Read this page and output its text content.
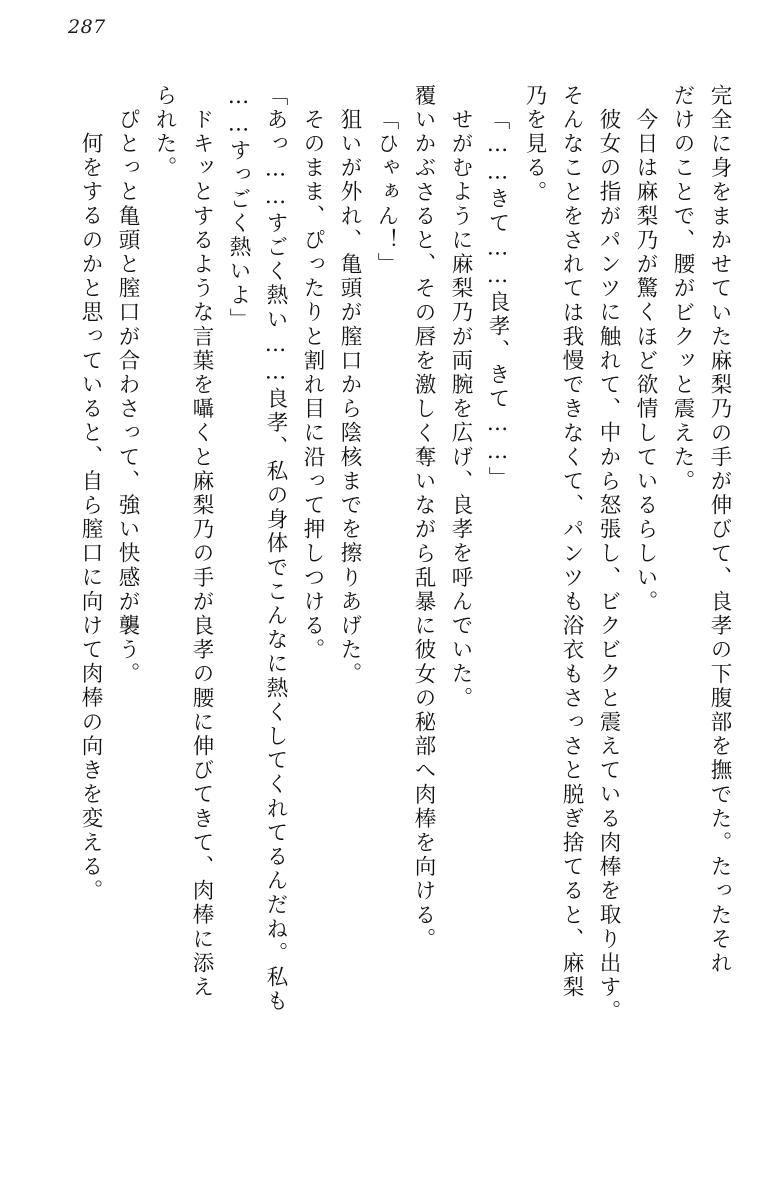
287
完全に身をまかせていた麻梨乃の手が伸びて、良孝の下腹部を撫でた。たったそれ
だけのことで、腰がビクッと震えた。
今日は麻梨乃が驚くほど欲情しているらしい。
彼女の指がパンツに触れて、中から怒張し、ビクビクと震えている肉棒を取り出す。
そんなことをされては我慢できなくて、パンツも浴衣もさっさと脱ぎ捨てると、麻梨
乃を見る。
「……きて……良孝、きて……」
せがむように麻梨乃が両腕を広げ、良孝を呼んでいた。
覆いかぶさると、その唇を激しく奪いながら乱暴に彼女の秘部へ肉棒を向ける。
「ひゃぁん！」
狙いが外れ、亀頭が膣口から陰核までを擦りあげた。
そのまま、ぴったりと割れ目に沿って押しつける。
「あっ……すごく熱い……良孝、私の身体でこんなに熱くしてくれてるんだね。私も
……すっごく熱いよ」
ドキッとするような言葉を囁くと麻梨乃の手が良孝の腰に伸びてきて、肉棒に添え
られた。
ぴとっと亀頭と膣口が合わさって、強い快感が襲う。
何をするのかと思っていると、自ら膣口に向けて肉棒の向きを変える。
